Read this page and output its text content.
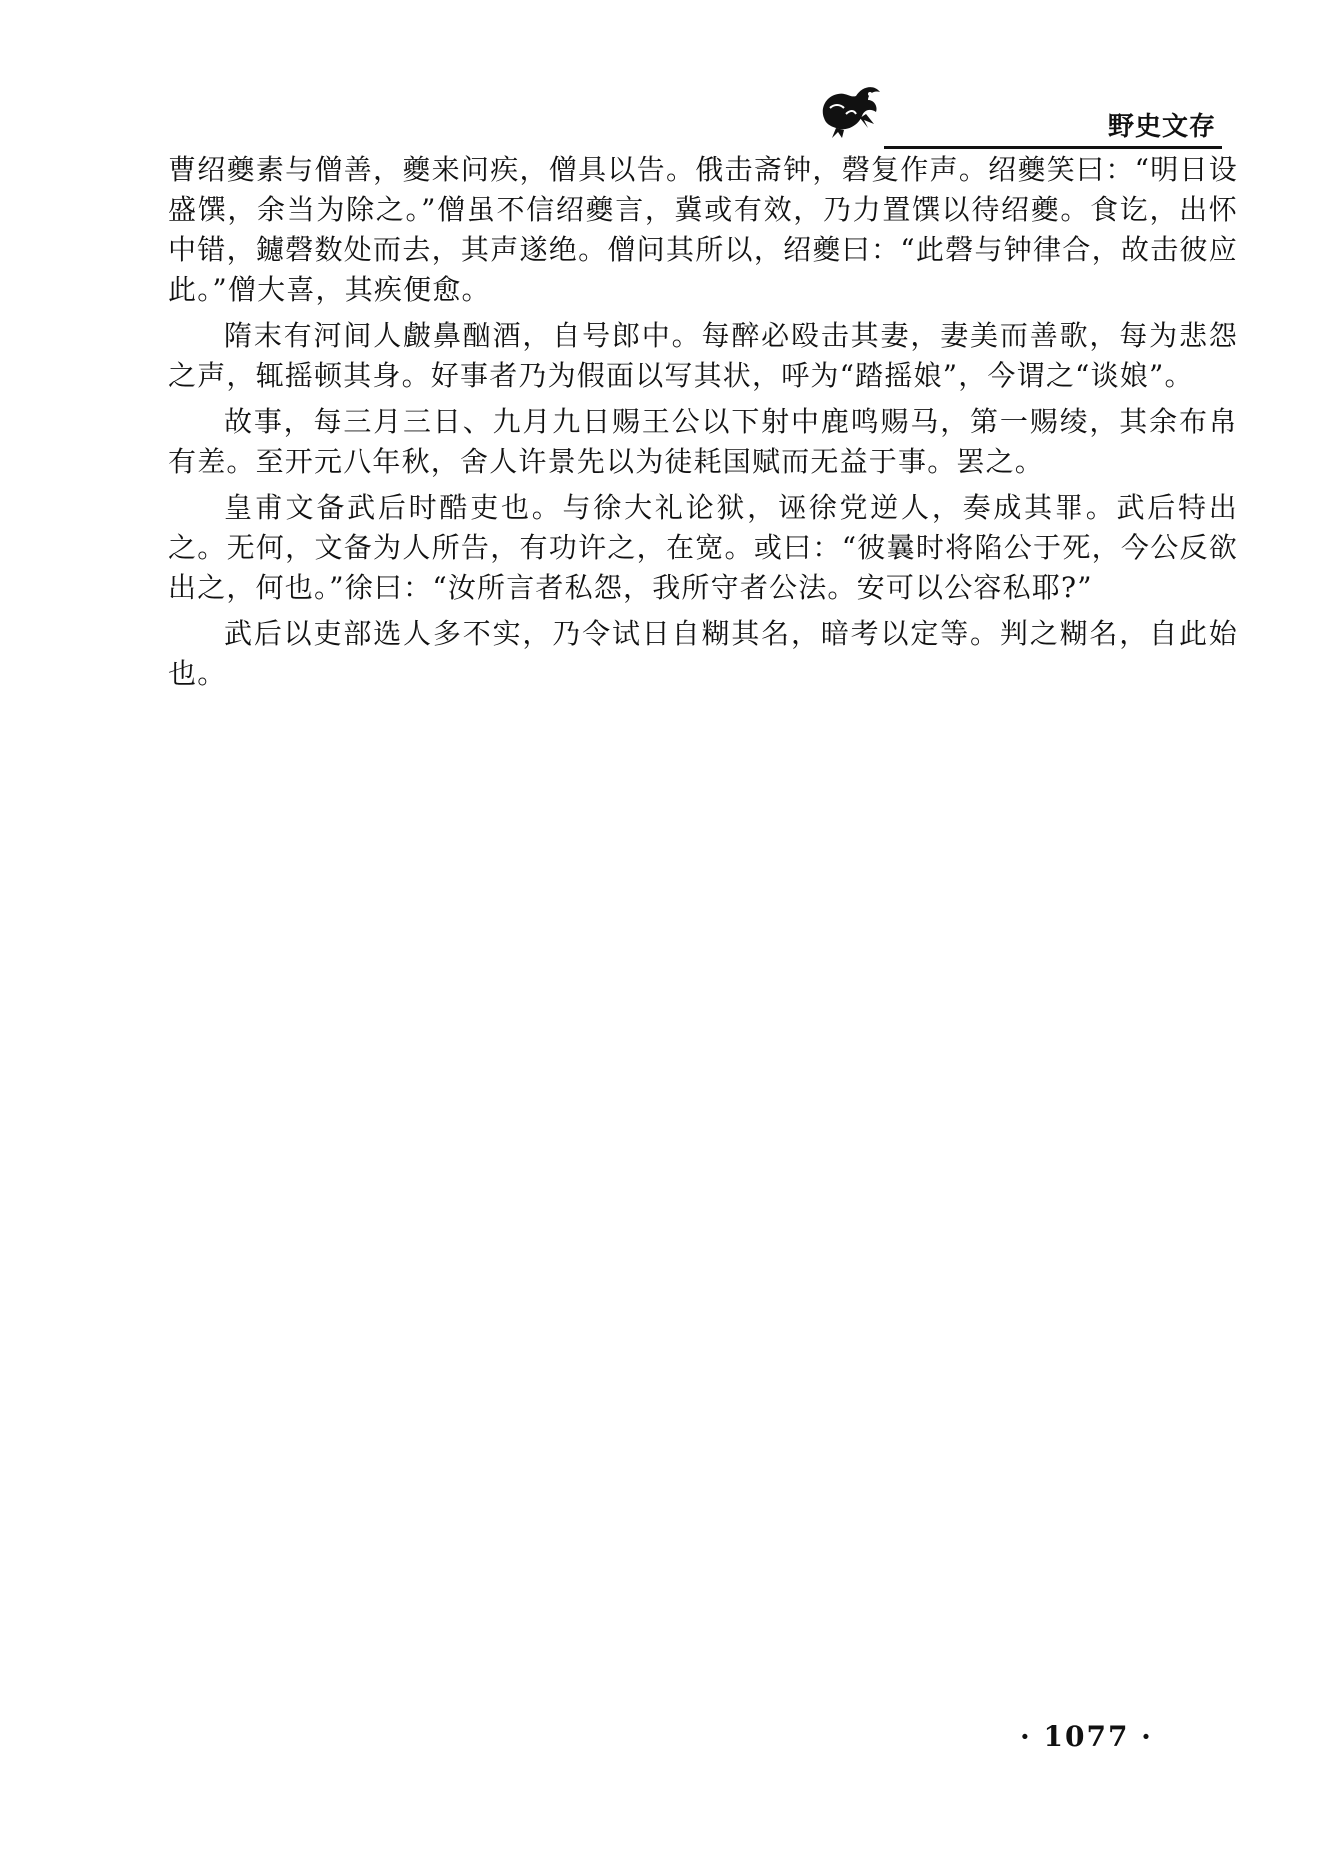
野史文存

曹绍夔素与僧善，夔来问疾，僧具以告。俄击斋钟，磬复作声。绍夔笑曰：“明日设盛馔，余当为除之。”僧虽不信绍夔言，冀或有效，乃力置馔以待绍夔。食讫，出怀中错，鑢磬数处而去，其声遂绝。僧问其所以，绍夔曰：“此磬与钟律合，故击彼应此。”僧大喜，其疾便愈。

隋末有河间人皻鼻酗酒，自号郎中。每醉必殴击其妻，妻美而善歌，每为悲怨之声，辄摇顿其身。好事者乃为假面以写其状，呼为“踏摇娘”，今谓之“谈娘”。

故事，每三月三日、九月九日赐王公以下射中鹿鸣赐马，第一赐绫，其余布帛有差。至开元八年秋，舍人许景先以为徒耗国赋而无益于事。罢之。

皇甫文备武后时酷吏也。与徐大礼论狱，诬徐党逆人，奏成其罪。武后特出之。无何，文备为人所告，有功许之，在宽。或曰：“彼曩时将陷公于死，今公反欲出之，何也。”徐曰：“汝所言者私怨，我所守者公法。安可以公容私耶?”

武后以吏部选人多不实，乃令试日自糊其名，暗考以定等。判之糊名，自此始也。

· 1077 ·
